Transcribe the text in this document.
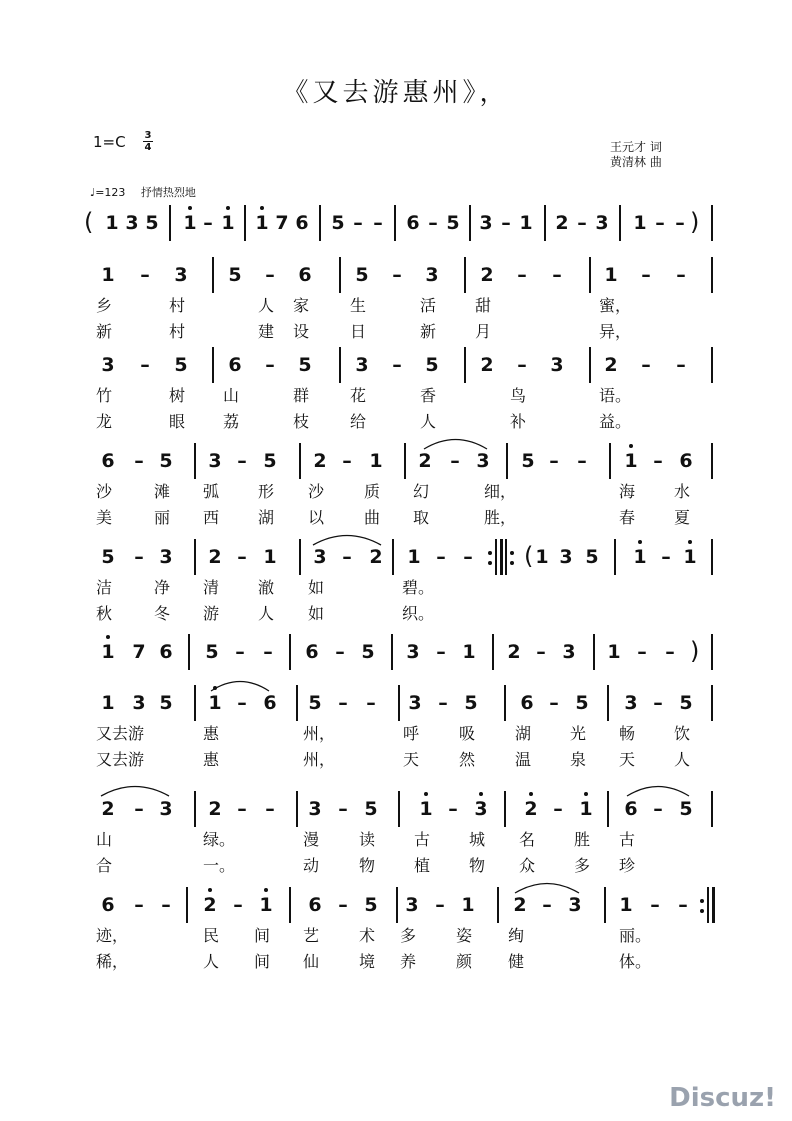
《又去游惠州》，
1=C	3
4	王元才 词
黄清林 曲
♩=123 抒情热烈地
1 3 5 1 – 1 1 7 6 5 – –	6 – 5 3 – 1 2 – 3 1 – –
(	)
1	–	3 5	–	6 5	–	3 2	–	–	1	–	–
乡	村	人	家	生	活	甜	蜜，
新	村	建	设	日	新	月	异，
3	–	5 6	–	5 3	–	5 2	–	3 2	–	–
竹	树	山	群	花	香	鸟	语。
龙	眼	荔	枝	给	人	补	益。
6	– 5 3 – 5 2 – 1 2 – 3 5 – –	1 – 6
沙	滩	弧	形	沙	质	幻	细，	海	水
美	丽	西	湖	以	曲	取	胜，	春	夏
5	– 3 2 – 1 3 – 2 1 – –	1 3 5 1 – 1
(
洁	净	清	澈	如	碧。
秋	冬	游	人	如	织。
1 7 6 5 – –	6 – 5 3 – 1 2 – 3 1 – – )
1 3 5 1 – 6 5 – –	3 – 5 6 – 5 3 – 5
又去游	惠	州，	呼	吸	湖	光	畅	饮
又去游	惠	州，	天	然	温	泉	天	人
2	– 3 2 – –	3 – 5 1 – 3 2 – 1 6 – 5
山	绿。	漫	读	古	城	名	胜	古
合	一。	动	物	植	物	众	多	珍
6	– –	2 – 1 6 – 5 3 – 1 2 – 3 1 – –
迹，	民	间	艺	术	多	姿	绚	丽。
稀，	人	间	仙	境	养	颜	健	体。
Discuz!
